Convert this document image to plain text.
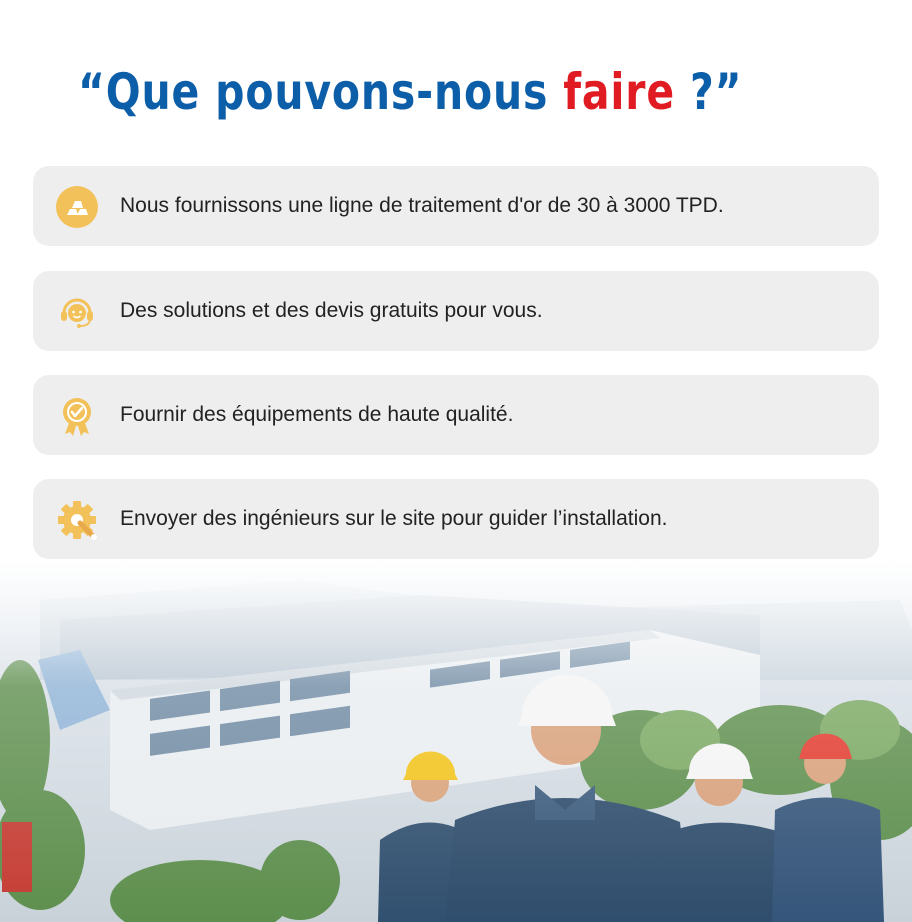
“Que pouvons-nous faire ?”
Nous fournissons une ligne de traitement d'or de 30 à 3000 TPD.
Des solutions et des devis gratuits pour vous.
Fournir des équipements de haute qualité.
Envoyer des ingénieurs sur le site pour guider l’installation.
